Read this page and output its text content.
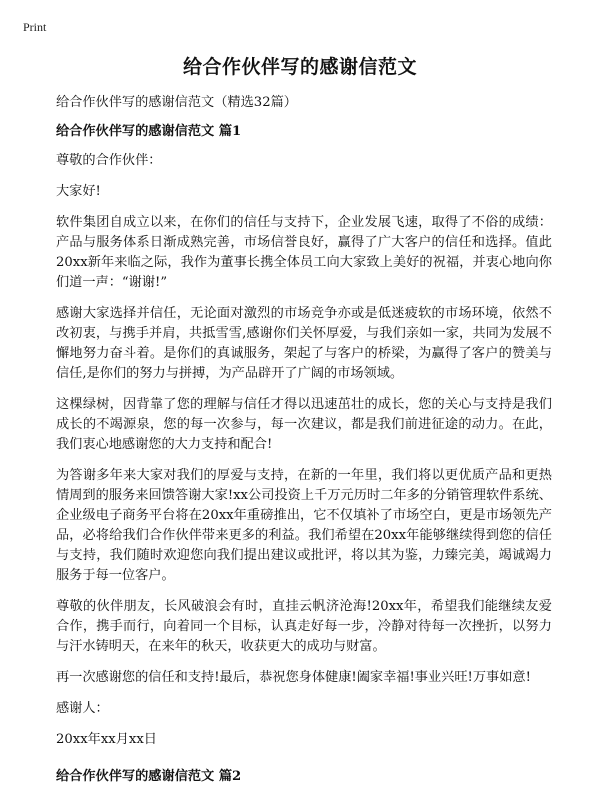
Print
给合作伙伴写的感谢信范文

给合作伙伴写的感谢信范文（精选32篇）

给合作伙伴写的感谢信范文 篇1

尊敬的合作伙伴：

大家好!

软件集团自成立以来，在你们的信任与支持下，企业发展飞速，取得了不俗的成绩：产品与服务体系日渐成熟完善，市场信誉良好，赢得了广大客户的信任和选择。值此20xx新年来临之际，我作为董事长携全体员工向大家致上美好的祝福，并衷心地向你们道一声：“谢谢!”

感谢大家选择并信任，无论面对激烈的市场竞争亦或是低迷疲软的市场环境，依然不改初衷，与携手并肩，共抵雪雪,感谢你们关怀厚爱，与我们亲如一家，共同为发展不懈地努力奋斗着。是你们的真诚服务，架起了与客户的桥梁，为赢得了客户的赞美与信任,是你们的努力与拼搏，为产品辟开了广阔的市场领域。

这棵绿树，因背靠了您的理解与信任才得以迅速茁壮的成长，您的关心与支持是我们成长的不竭源泉，您的每一次参与，每一次建议，都是我们前进征途的动力。在此，我们衷心地感谢您的大力支持和配合!

为答谢多年来大家对我们的厚爱与支持，在新的一年里，我们将以更优质产品和更热情周到的服务来回馈答谢大家!xx公司投资上千万元历时二年多的分销管理软件系统、企业级电子商务平台将在20xx年重磅推出，它不仅填补了市场空白，更是市场领先产品，必将给我们合作伙伴带来更多的利益。我们希望在20xx年能够继续得到您的信任与支持，我们随时欢迎您向我们提出建议或批评，将以其为鉴，力臻完美，竭诚竭力服务于每一位客户。

尊敬的伙伴朋友，长风破浪会有时，直挂云帆济沧海!20xx年，希望我们能继续友爱合作，携手而行，向着同一个目标，认真走好每一步，冷静对待每一次挫折，以努力与汗水铸明天，在来年的秋天，收获更大的成功与财富。

再一次感谢您的信任和支持!最后，恭祝您身体健康!阖家幸福!事业兴旺!万事如意!

感谢人：

20xx年xx月xx日

给合作伙伴写的感谢信范文 篇2
